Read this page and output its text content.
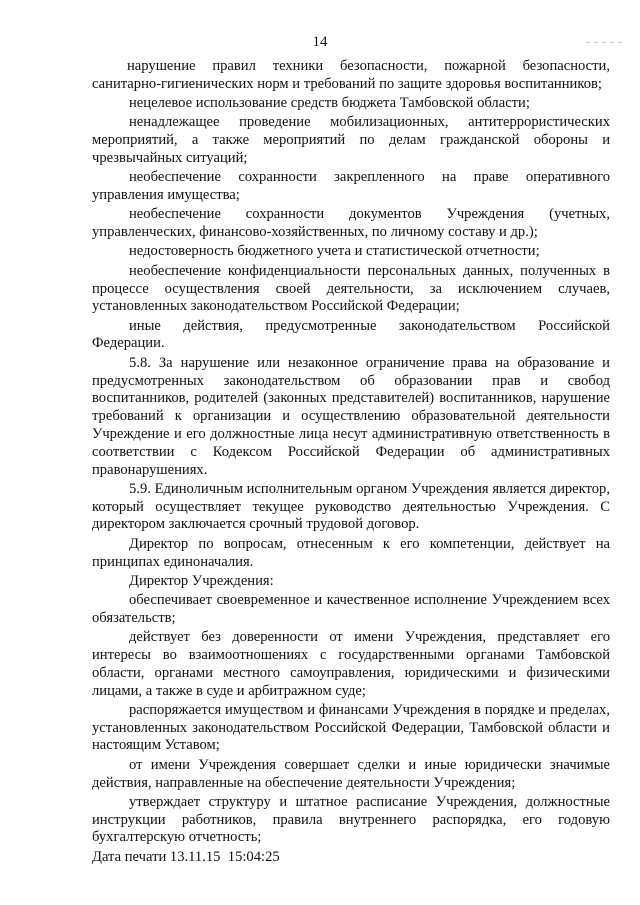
14

нарушение правил техники безопасности, пожарной безопасности, санитарно-гигиенических норм и требований по защите здоровья воспитанников;

нецелевое использование средств бюджета Тамбовской области;

ненадлежащее проведение мобилизационных, антитеррористических мероприятий, а также мероприятий по делам гражданской обороны и чрезвычайных ситуаций;

необеспечение сохранности закрепленного на праве оперативного управления имущества;

необеспечение сохранности документов Учреждения (учетных, управленческих, финансово-хозяйственных, по личному составу и др.);

недостоверность бюджетного учета и статистической отчетности;

необеспечение конфиденциальности персональных данных, полученных в процессе осуществления своей деятельности, за исключением случаев, установленных законодательством Российской Федерации;

иные действия, предусмотренные законодательством Российской Федерации.

5.8. За нарушение или незаконное ограничение права на образование и предусмотренных законодательством об образовании прав и свобод воспитанников, родителей (законных представителей) воспитанников, нарушение требований к организации и осуществлению образовательной деятельности Учреждение и его должностные лица несут административную ответственность в соответствии с Кодексом Российской Федерации об административных правонарушениях.

5.9. Единоличным исполнительным органом Учреждения является директор, который осуществляет текущее руководство деятельностью Учреждения. С директором заключается срочный трудовой договор.

Директор по вопросам, отнесенным к его компетенции, действует на принципах единоначалия.

Директор Учреждения:

обеспечивает своевременное и качественное исполнение Учреждением всех обязательств;

действует без доверенности от имени Учреждения, представляет его интересы во взаимоотношениях с государственными органами Тамбовской области, органами местного самоуправления, юридическими и физическими лицами, а также в суде и арбитражном суде;

распоряжается имуществом и финансами Учреждения в порядке и пределах, установленных законодательством Российской Федерации, Тамбовской области и настоящим Уставом;

от имени Учреждения совершает сделки и иные юридически значимые действия, направленные на обеспечение деятельности Учреждения;

утверждает структуру и штатное расписание Учреждения, должностные инструкции работников, правила внутреннего распорядка, его годовую бухгалтерскую отчетность;

Дата печати 13.11.15  15:04:25
